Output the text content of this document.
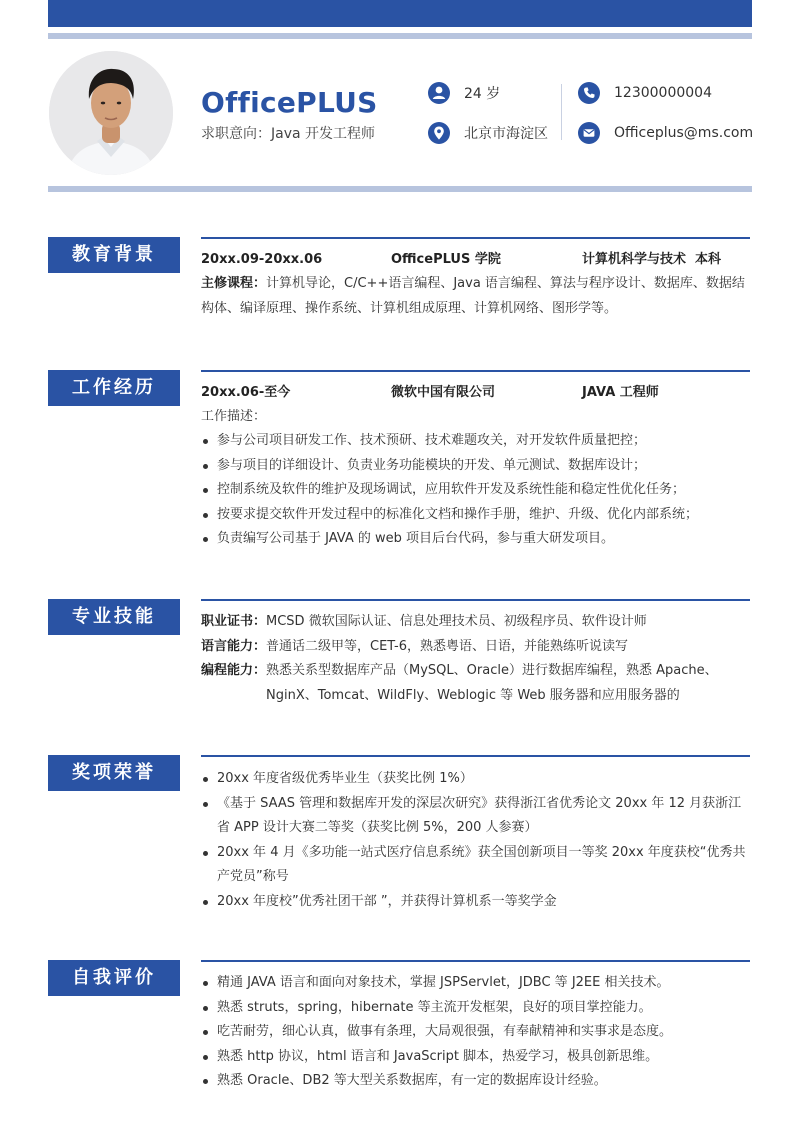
OfficePLUS
求职意向：Java 开发工程师
24 岁
北京市海淀区
12300000004
Officeplus@ms.com
教育背景	20xx.09-20xx.06	OfficePLUS 学院	计算机科学与技术  本科
主修课程：计算机导论，C/C++语言编程、Java 语言编程、算法与程序设计、数据库、数据结构体、编译原理、操作系统、计算机组成原理、计算机网络、图形学等。
工作经历	20xx.06-至今	微软中国有限公司	JAVA 工程师
工作描述：
参与公司项目研发工作、技术预研、技术难题攻关，对开发软件质量把控；
参与项目的详细设计、负责业务功能模块的开发、单元测试、数据库设计；
控制系统及软件的维护及现场调试，应用软件开发及系统性能和稳定性优化任务；
按要求提交软件开发过程中的标准化文档和操作手册，维护、升级、优化内部系统；
负责编写公司基于 JAVA 的 web 项目后台代码，参与重大研发项目。
专业技能	职业证书： MCSD 微软国际认证、信息处理技术员、初级程序员、软件设计师
语言能力： 普通话二级甲等，CET-6，熟悉粤语、日语，并能熟练听说读写
编程能力： 熟悉关系型数据库产品（MySQL、Oracle）进行数据库编程，熟悉 Apache、NginX、Tomcat、WildFly、Weblogic 等 Web 服务器和应用服务器的
奖项荣誉	20xx 年度省级优秀毕业生（获奖比例 1%）
《基于 SAAS 管理和数据库开发的深层次研究》获得浙江省优秀论文 20xx 年 12 月获浙江省 APP 设计大赛二等奖（获奖比例 5%，200 人参赛）
20xx 年 4 月《多功能一站式医疗信息系统》获全国创新项目一等奖 20xx 年度获校“优秀共产党员”称号
20xx 年度校”优秀社团干部 ”，并获得计算机系一等奖学金
自我评价	精通 JAVA 语言和面向对象技术，掌握 JSPServlet，JDBC 等 J2EE 相关技术。
熟悉 struts，spring，hibernate 等主流开发框架，良好的项目掌控能力。
吃苦耐劳，细心认真，做事有条理，大局观很强，有奉献精神和实事求是态度。
熟悉 http 协议，html 语言和 JavaScript 脚本，热爱学习，极具创新思维。
熟悉 Oracle、DB2 等大型关系数据库，有一定的数据库设计经验。
